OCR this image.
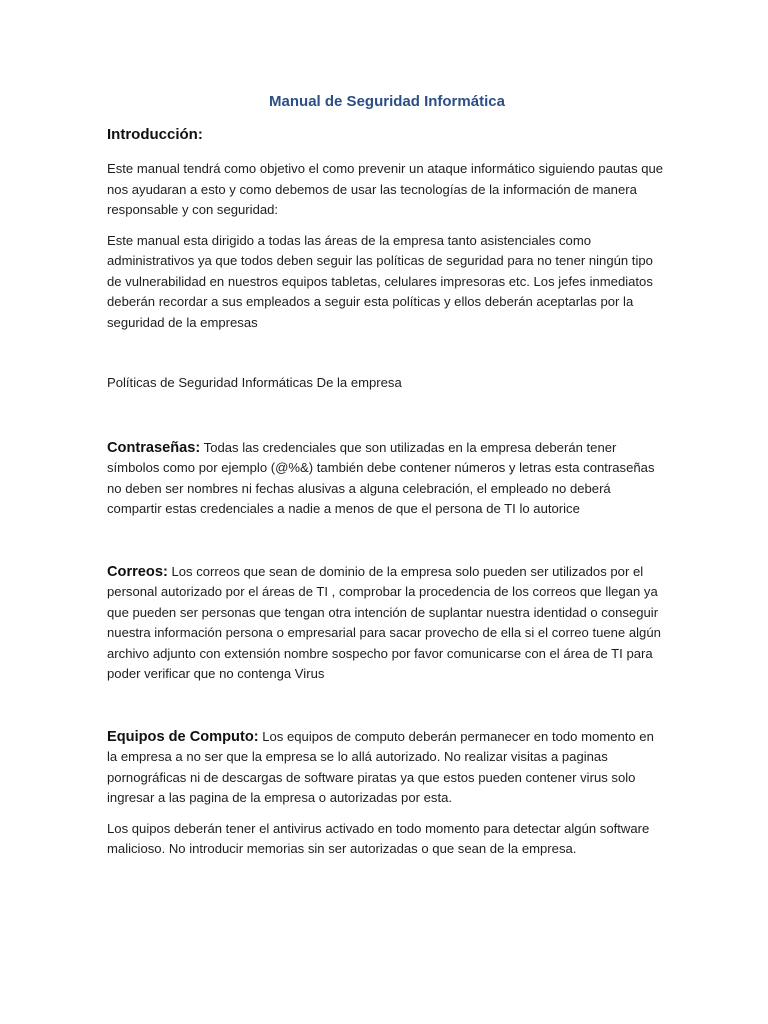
Manual de Seguridad Informática
Introducción:

Este manual tendrá como objetivo el como prevenir un ataque informático siguiendo pautas que nos ayudaran a esto y como debemos de usar las tecnologías de la información de manera responsable y con seguridad:

Este manual esta dirigido a todas las áreas de la empresa tanto asistenciales como administrativos ya que todos deben seguir las políticas de seguridad para no tener ningún tipo de vulnerabilidad en nuestros equipos tabletas, celulares impresoras etc. Los jefes inmediatos deberán recordar a sus empleados a seguir esta políticas y ellos deberán aceptarlas por la seguridad de la empresas

Políticas de Seguridad Informáticas De la empresa

Contraseñas: Todas las credenciales que son utilizadas en la empresa deberán tener símbolos como por ejemplo (@%&) también debe contener números y letras esta contraseñas no deben ser nombres ni fechas alusivas a alguna celebración, el empleado no deberá compartir estas credenciales a nadie a menos de que el persona de TI lo autorice

Correos: Los correos que sean de dominio de la empresa solo pueden ser utilizados por el personal autorizado por el áreas de TI , comprobar la procedencia de los correos que llegan ya que pueden ser personas que tengan otra intención de suplantar nuestra identidad o conseguir nuestra información persona o empresarial para sacar provecho de ella si el correo tuene algún archivo adjunto con extensión nombre sospecho por favor comunicarse con el área de TI para poder verificar que no contenga Virus

Equipos de Computo: Los equipos de computo deberán permanecer en todo momento en la empresa a no ser que la empresa se lo allá autorizado. No realizar visitas a paginas pornográficas ni de descargas de software piratas ya que estos pueden contener virus solo ingresar a las pagina de la empresa o autorizadas por esta.

Los quipos deberán tener el antivirus activado en todo momento para detectar algún software malicioso. No introducir memorias sin ser autorizadas o que sean de la empresa.
